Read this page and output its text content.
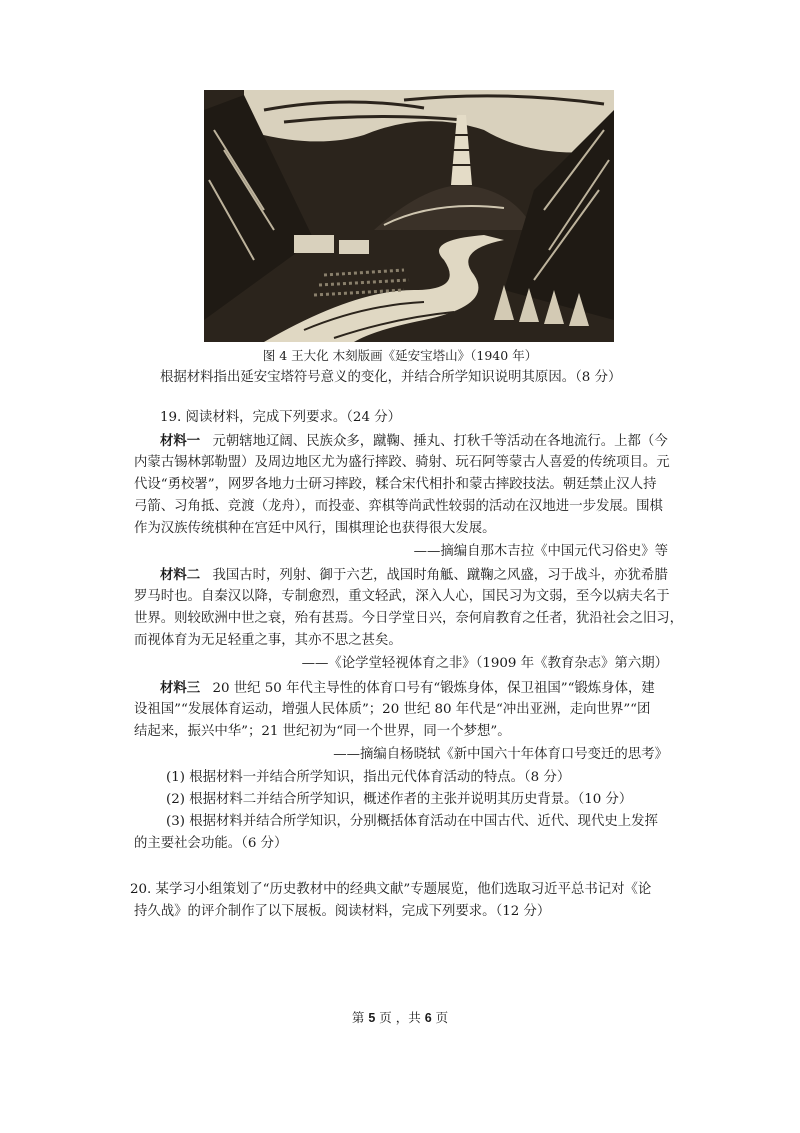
图 4 王大化 木刻版画《延安宝塔山》（1940 年）
根据材料指出延安宝塔符号意义的变化，并结合所学知识说明其原因。（8 分）
19. 阅读材料，完成下列要求。（24 分）
材料一 元朝辖地辽阔、民族众多，蹴鞠、捶丸、打秋千等活动在各地流行。上都（今
内蒙古锡林郭勒盟）及周边地区尤为盛行摔跤、骑射、玩石阿等蒙古人喜爱的传统项目。元
代设“勇校署”，网罗各地力士研习摔跤，糅合宋代相扑和蒙古摔跤技法。朝廷禁止汉人持
弓箭、习角抵、竞渡（龙舟），而投壶、弈棋等尚武性较弱的活动在汉地进一步发展。围棋
作为汉族传统棋种在宫廷中风行，围棋理论也获得很大发展。
——摘编自那木吉拉《中国元代习俗史》等
材料二 我国古时，列射、御于六艺，战国时角觝、蹴鞠之风盛，习于战斗，亦犹希腊
罗马时也。自秦汉以降，专制愈烈，重文轻武，深入人心，国民习为文弱，至今以病夫名于
世界。则较欧洲中世之衰，殆有甚焉。今日学堂日兴，奈何肩教育之任者，犹沿社会之旧习，
而视体育为无足轻重之事，其亦不思之甚矣。
——《论学堂轻视体育之非》（1909 年《教育杂志》第六期）
材料三 20 世纪 50 年代主导性的体育口号有“锻炼身体，保卫祖国”“锻炼身体，建
设祖国”“发展体育运动，增强人民体质”；20 世纪 80 年代是“冲出亚洲，走向世界”“团
结起来，振兴中华”；21 世纪初为“同一个世界，同一个梦想”。
——摘编自杨晓轼《新中国六十年体育口号变迁的思考》
(1) 根据材料一并结合所学知识，指出元代体育活动的特点。（8 分）
(2) 根据材料二并结合所学知识，概述作者的主张并说明其历史背景。（10 分）
(3) 根据材料并结合所学知识，分别概括体育活动在中国古代、近代、现代史上发挥
的主要社会功能。（6 分）
20. 某学习小组策划了“历史教材中的经典文献”专题展览，他们选取习近平总书记对《论
持久战》的评介制作了以下展板。阅读材料，完成下列要求。（12 分）
第 5 页 ，共 6 页
